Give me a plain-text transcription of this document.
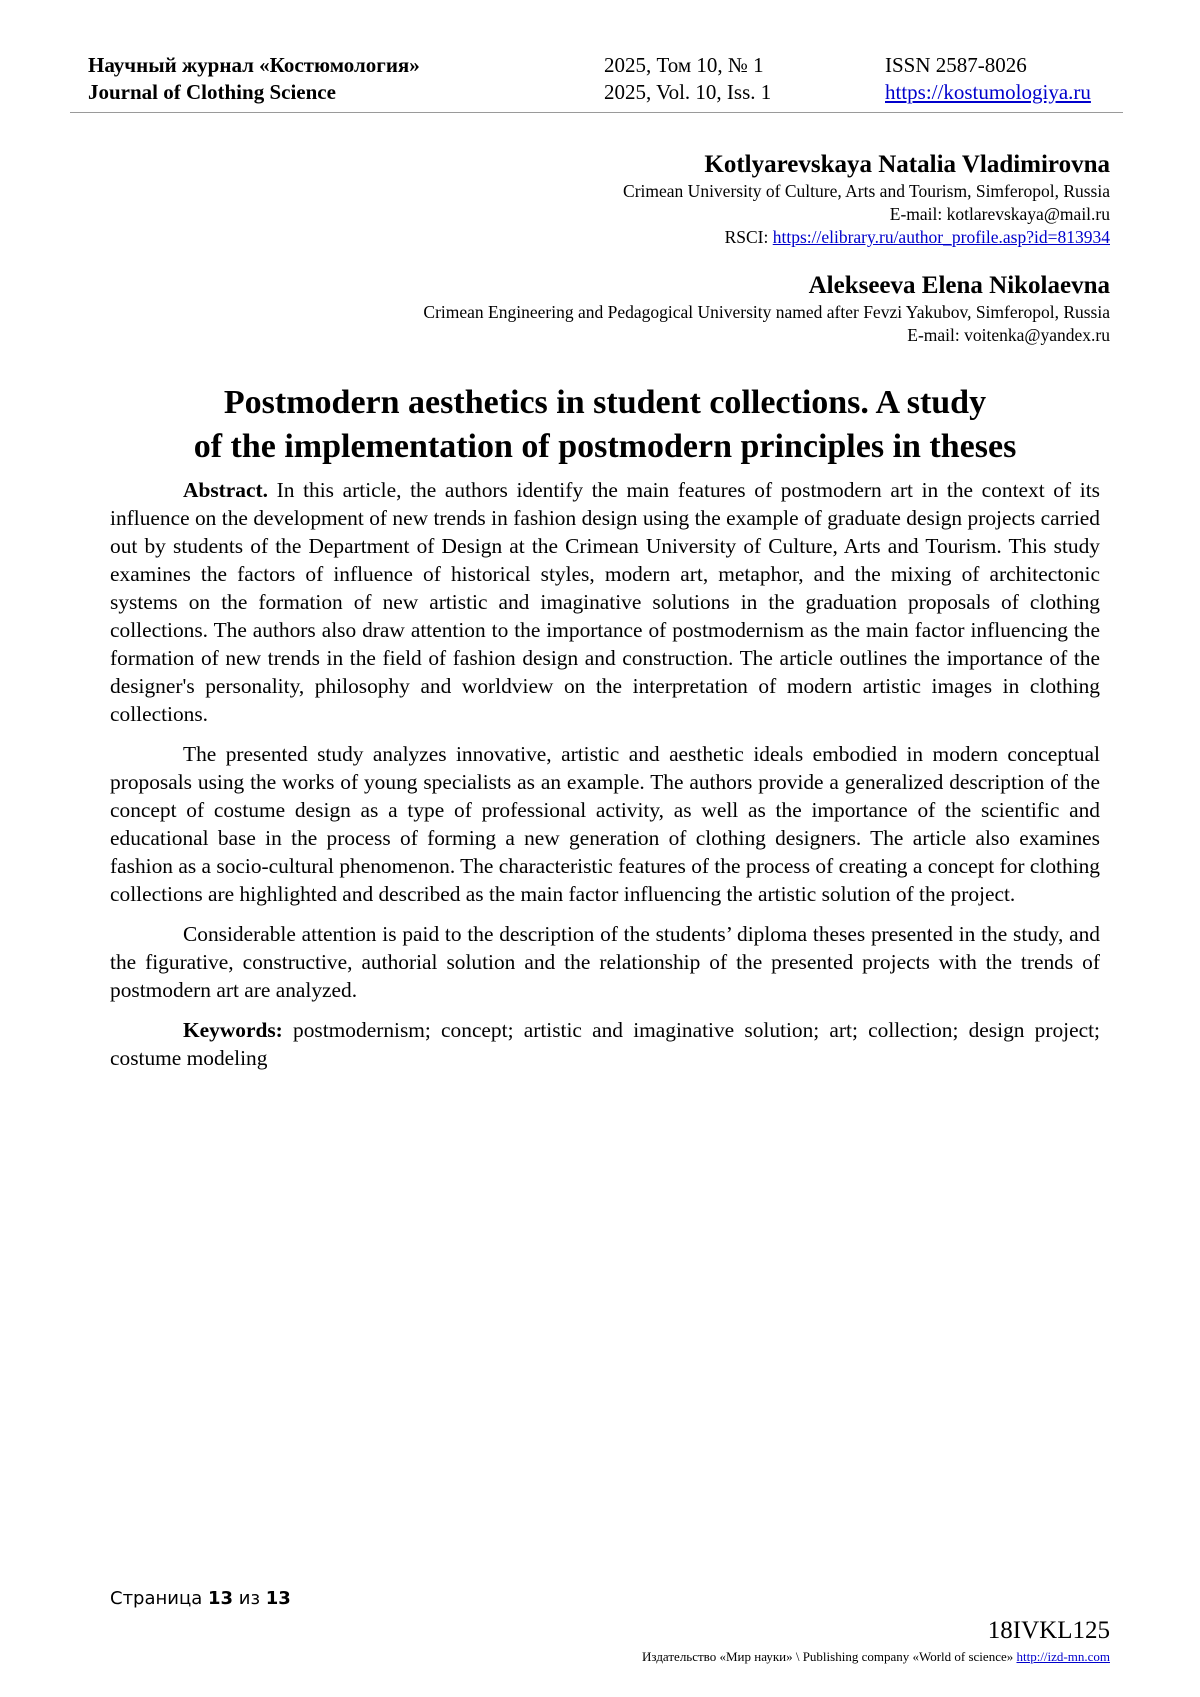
Научный журнал «Костюмология»
Journal of Clothing Science
2025, Том 10, № 1
2025, Vol. 10, Iss. 1
ISSN 2587-8026
https://kostumologiya.ru
Kotlyarevskaya Natalia Vladimirovna
Crimean University of Culture, Arts and Tourism, Simferopol, Russia
E-mail: kotlarevskaya@mail.ru
RSCI: https://elibrary.ru/author_profile.asp?id=813934
Alekseeva Elena Nikolaevna
Crimean Engineering and Pedagogical University named after Fevzi Yakubov, Simferopol, Russia
E-mail: voitenka@yandex.ru
Postmodern aesthetics in student collections. A study
of the implementation of postmodern principles in theses

Abstract. In this article, the authors identify the main features of postmodern art in the context of its influence on the development of new trends in fashion design using the example of graduate design projects carried out by students of the Department of Design at the Crimean University of Culture, Arts and Tourism. This study examines the factors of influence of historical styles, modern art, metaphor, and the mixing of architectonic systems on the formation of new artistic and imaginative solutions in the graduation proposals of clothing collections. The authors also draw attention to the importance of postmodernism as the main factor influencing the formation of new trends in the field of fashion design and construction. The article outlines the importance of the designer's personality, philosophy and worldview on the interpretation of modern artistic images in clothing collections.

The presented study analyzes innovative, artistic and aesthetic ideals embodied in modern conceptual proposals using the works of young specialists as an example. The authors provide a generalized description of the concept of costume design as a type of professional activity, as well as the importance of the scientific and educational base in the process of forming a new generation of clothing designers. The article also examines fashion as a socio-cultural phenomenon. The characteristic features of the process of creating a concept for clothing collections are highlighted and described as the main factor influencing the artistic solution of the project.

Considerable attention is paid to the description of the students’ diploma theses presented in the study, and the figurative, constructive, authorial solution and the relationship of the presented projects with the trends of postmodern art are analyzed.

Keywords: postmodernism; concept; artistic and imaginative solution; art; collection; design project; costume modeling

Страница 13 из 13
18IVKL125
Издательство «Мир науки» \ Publishing company «World of science» http://izd-mn.com
